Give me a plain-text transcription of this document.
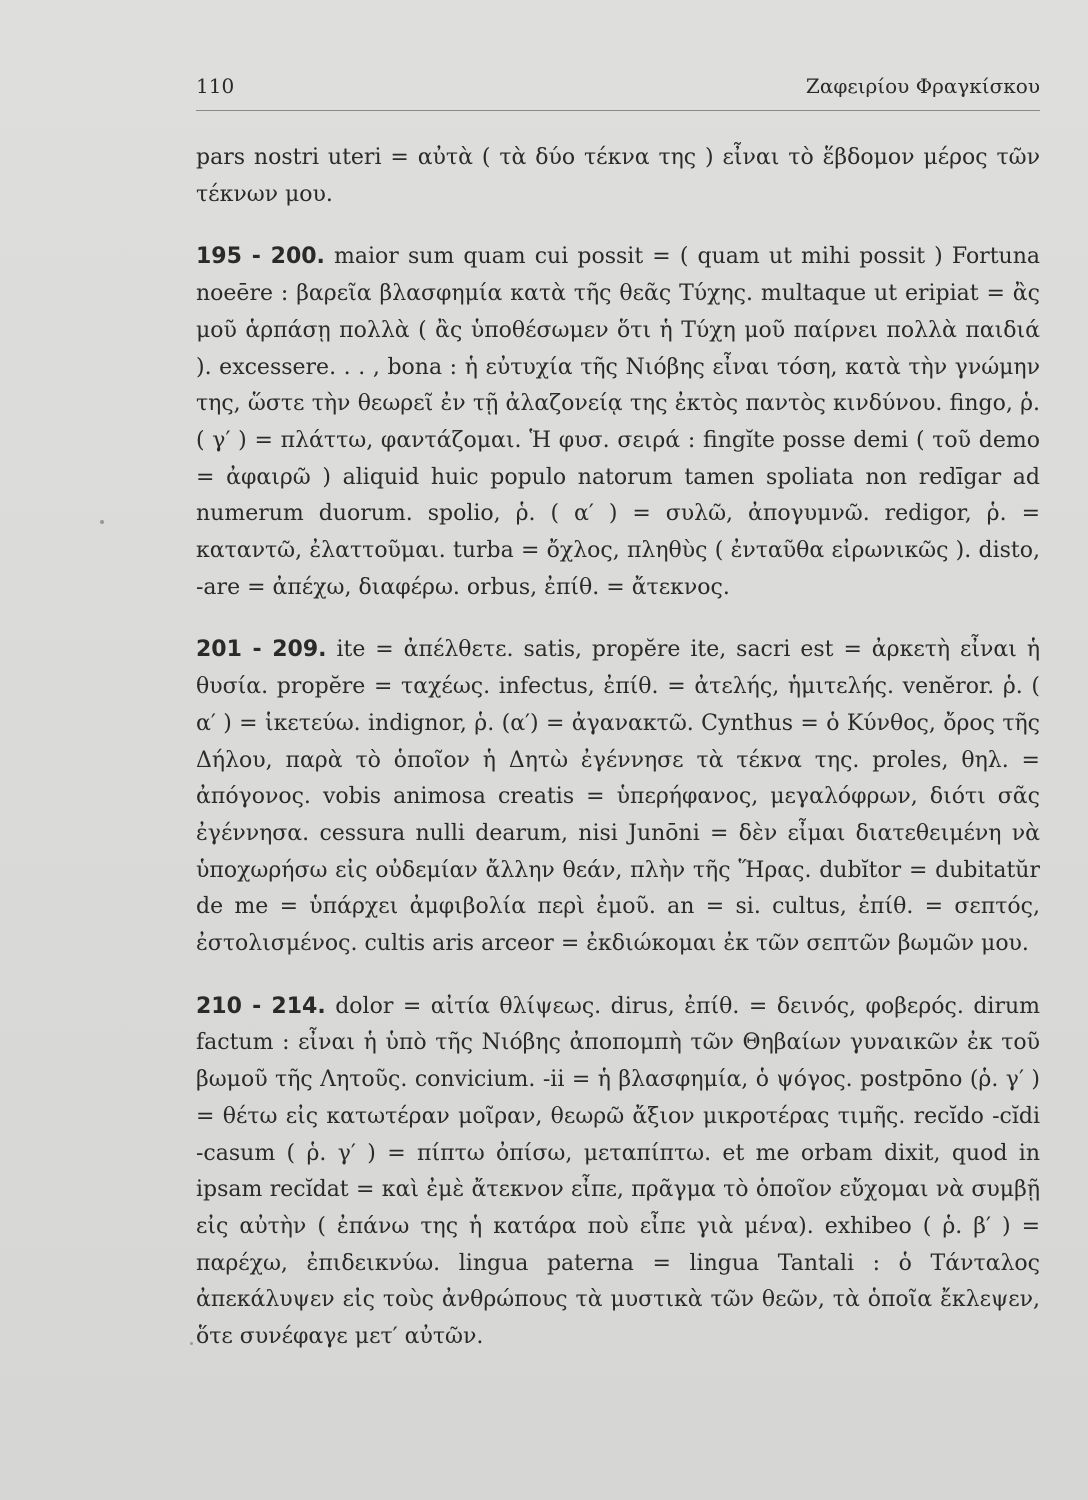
110	Ζαφειρίου Φραγκίσκου

pars nostri uteri = αὐτὰ ( τὰ δύο τέκνα της ) εἶναι τὸ ἕβδομον μέρος τῶν τέκνων μου.

195 - 200. maior sum quam cui possit = ( quam ut mihi possit ) Fortuna noeēre : βαρεῖα βλασφημία κατὰ τῆς θεᾶς Τύχης. multaque ut eripiat = ἂς μοῦ ἁρπάσῃ πολλὰ ( ἂς ὑποθέσωμεν ὅτι ἡ Τύχη μοῦ παίρνει πολλὰ παιδιά ). excessere. . . , bona : ἡ εὐτυχία τῆς Νιόβης εἶναι τόση, κατὰ τὴν γνώμην της, ὥστε τὴν θεωρεῖ ἐν τῇ ἀλαζονείᾳ της ἐκτὸς παντὸς κινδύνου. fingo, ῥ. ( γ′ ) = πλάττω, φαντάζομαι. Ἡ φυσ. σειρά : fingĭte posse demi ( τοῦ demo = ἀφαιρῶ ) aliquid huic populo natorum tamen spoliata non redīgar ad numerum duorum. spolio, ῥ. ( α′ ) = συλῶ, ἀπογυμνῶ. redigor, ῥ. = καταντῶ, ἐλαττοῦμαι. turba = ὄχλος, πληθὺς ( ἐνταῦθα εἰρωνικῶς ). disto, -are = ἀπέχω, διαφέρω. orbus, ἐπίθ. = ἄτεκνος.

201 - 209. ite = ἀπέλθετε. satis, propĕre ite, sacri est = ἀρκετὴ εἶναι ἡ θυσία. propĕre = ταχέως. infectus, ἐπίθ. = ἀτελής, ἡμιτελής. venĕror. ῥ. ( α′ ) = ἱκετεύω. indignor, ῥ. (α′) = ἀγανακτῶ. Cynthus = ὁ Κύνθος, ὄρος τῆς Δήλου, παρὰ τὸ ὁποῖον ἡ Δητὼ ἐγέννησε τὰ τέκνα της. proles, θηλ. = ἀπόγονος. vobis animosa creatis = ὑπερήφανος, μεγαλόφρων, διότι σᾶς ἐγέννησα. cessura nulli dearum, nisi Junōni = δὲν εἶμαι διατεθειμένη νὰ ὑποχωρήσω εἰς οὐδεμίαν ἄλλην θεάν, πλὴν τῆς Ἥρας. dubĭtor = dubitatŭr de me = ὑπάρχει ἀμφιβολία περὶ ἐμοῦ. an = si. cultus, ἐπίθ. = σεπτός, ἐστολισμένος. cultis aris arceor = ἐκδιώκομαι ἐκ τῶν σεπτῶν βωμῶν μου.

210 - 214. dolor = αἰτία θλίψεως. dirus, ἐπίθ. = δεινός, φοβερός. dirum factum : εἶναι ἡ ὑπὸ τῆς Νιόβης ἀποπομπὴ τῶν Θηβαίων γυναικῶν ἐκ τοῦ βωμοῦ τῆς Λητοῦς. convicium. -ii = ἡ βλασφημία, ὁ ψόγος. postpōno (ῥ. γ′ ) = θέτω εἰς κατωτέραν μοῖραν, θεωρῶ ἄξιον μικροτέρας τιμῆς. recĭdo -cĭdi -casum ( ῥ. γ′ ) = πίπτω ὀπίσω, μεταπίπτω. et me orbam dixit, quod in ipsam recĭdat = καὶ ἐμὲ ἄτεκνον εἶπε, πρᾶγμα τὸ ὁποῖον εὔχομαι νὰ συμβῇ εἰς αὐτὴν ( ἐπάνω της ἡ κατάρα ποὺ εἶπε γιὰ μένα). exhibeo ( ῥ. β′ ) = παρέχω, ἐπιδεικνύω. lingua paterna = lingua Tantali : ὁ Τάνταλος ἀπεκάλυψεν εἰς τοὺς ἀνθρώπους τὰ μυστικὰ τῶν θεῶν, τὰ ὁποῖα ἔκλεψεν, ὅτε συνέφαγε μετ′ αὐτῶν.
